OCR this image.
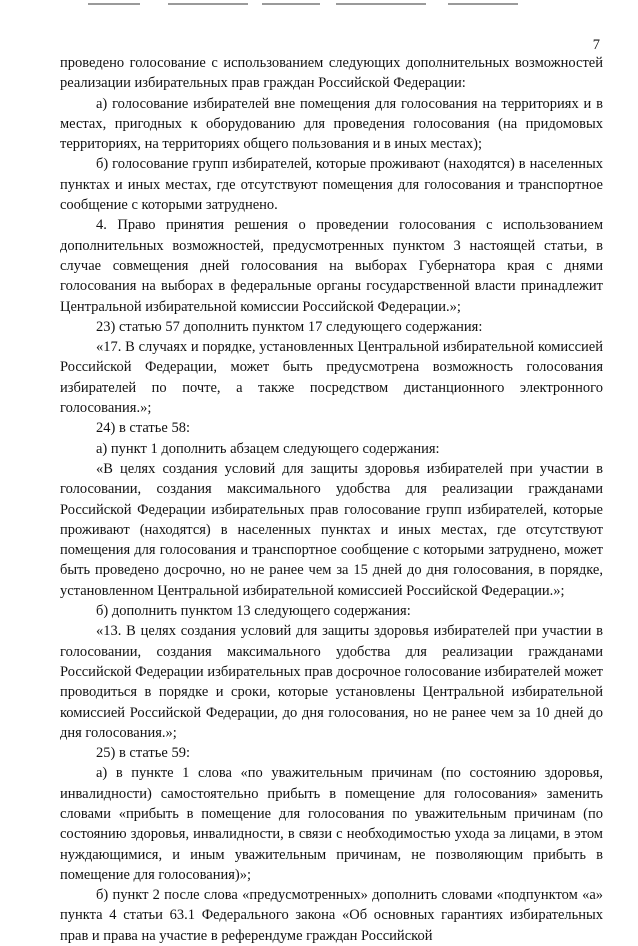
7

проведено голосование с использованием следующих дополнительных возможностей реализации избирательных прав граждан Российской Федерации:

а) голосование избирателей вне помещения для голосования на территориях и в местах, пригодных к оборудованию для проведения голосования (на придомовых территориях, на территориях общего пользования и в иных местах);

б) голосование групп избирателей, которые проживают (находятся) в населенных пунктах и иных местах, где отсутствуют помещения для голосования и транспортное сообщение с которыми затруднено.

4. Право принятия решения о проведении голосования с использованием дополнительных возможностей, предусмотренных пунктом 3 настоящей статьи, в случае совмещения дней голосования на выборах Губернатора края с днями голосования на выборах в федеральные органы государственной власти принадлежит Центральной избирательной комиссии Российской Федерации.»;

23) статью 57 дополнить пунктом 17 следующего содержания:

«17. В случаях и порядке, установленных Центральной избирательной комиссией Российской Федерации, может быть предусмотрена возможность голосования избирателей по почте, а также посредством дистанционного электронного голосования.»;

24) в статье 58:

а) пункт 1 дополнить абзацем следующего содержания:

«В целях создания условий для защиты здоровья избирателей при участии в голосовании, создания максимального удобства для реализации гражданами Российской Федерации избирательных прав голосование групп избирателей, которые проживают (находятся) в населенных пунктах и иных местах, где отсутствуют помещения для голосования и транспортное сообщение с которыми затруднено, может быть проведено досрочно, но не ранее чем за 15 дней до дня голосования, в порядке, установленном Центральной избирательной комиссией Российской Федерации.»;

б) дополнить пунктом 13 следующего содержания:

«13. В целях создания условий для защиты здоровья избирателей при участии в голосовании, создания максимального удобства для реализации гражданами Российской Федерации избирательных прав досрочное голосование избирателей может проводиться в порядке и сроки, которые установлены Центральной избирательной комиссией Российской Федерации, до дня голосования, но не ранее чем за 10 дней до дня голосования.»;

25) в статье 59:

а) в пункте 1 слова «по уважительным причинам (по состоянию здоровья, инвалидности) самостоятельно прибыть в помещение для голосования» заменить словами «прибыть в помещение для голосования по уважительным причинам (по состоянию здоровья, инвалидности, в связи с необходимостью ухода за лицами, в этом нуждающимися, и иным уважительным причинам, не позволяющим прибыть в помещение для голосования)»;

б) пункт 2 после слова «предусмотренных» дополнить словами «подпунктом «а» пункта 4 статьи 63.1 Федерального закона «Об основных гарантиях избирательных прав и права на участие в референдуме граждан Российской
